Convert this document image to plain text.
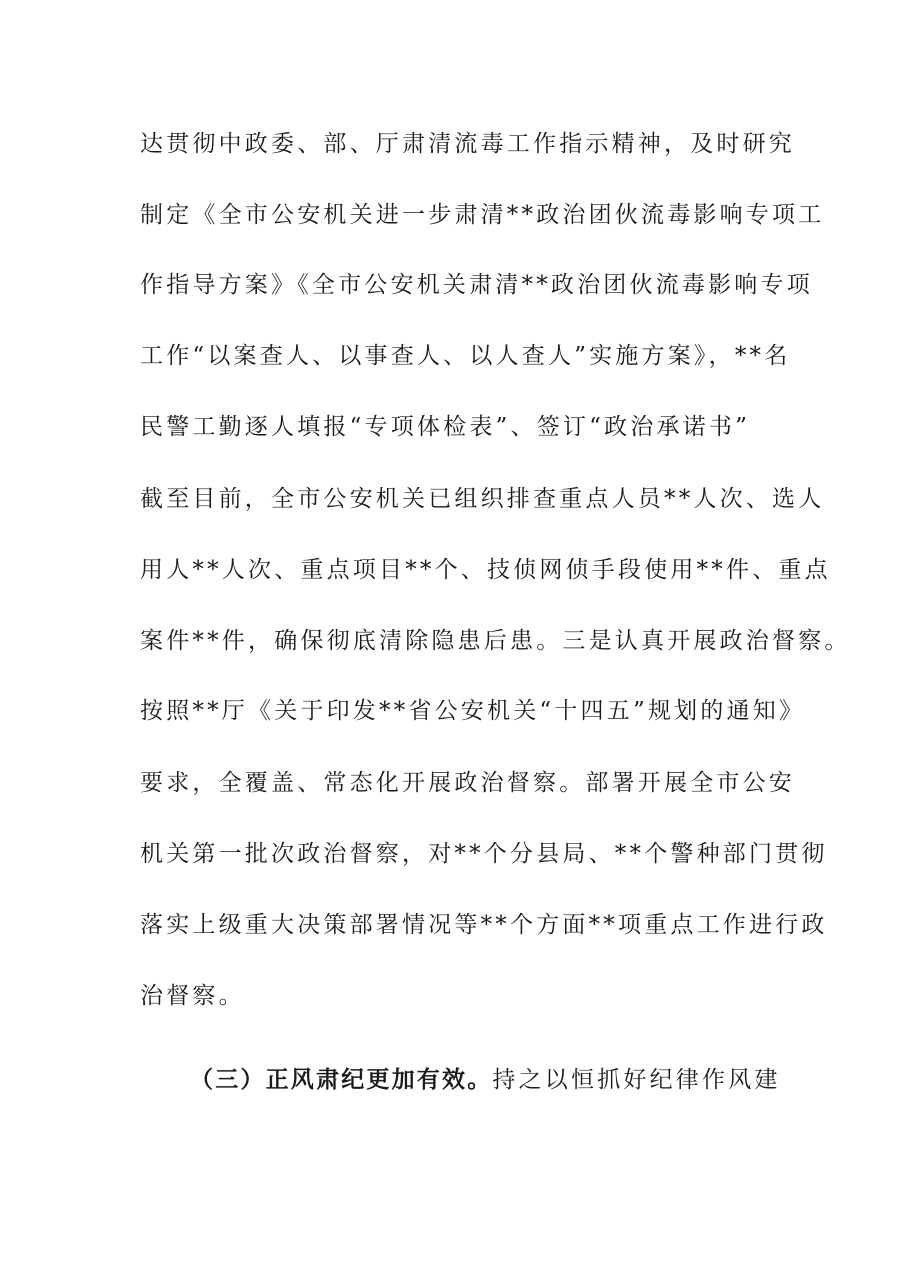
达贯彻中政委、部、厅肃清流毒工作指示精神，及时研究
制定《全市公安机关进一步肃清**政治团伙流毒影响专项工
作指导方案》《全市公安机关肃清**政治团伙流毒影响专项
工作“以案查人、以事查人、以人查人”实施方案》，**名
民警工勤逐人填报“专项体检表”、签订“政治承诺书”
截至目前，全市公安机关已组织排查重点人员**人次、选人
用人**人次、重点项目**个、技侦网侦手段使用**件、重点
案件**件，确保彻底清除隐患后患。三是认真开展政治督察。
按照**厅《关于印发**省公安机关“十四五”规划的通知》
要求，全覆盖、常态化开展政治督察。部署开展全市公安
机关第一批次政治督察，对**个分县局、**个警种部门贯彻
落实上级重大决策部署情况等**个方面**项重点工作进行政
治督察。
（三）正风肃纪更加有效。持之以恒抓好纪律作风建
